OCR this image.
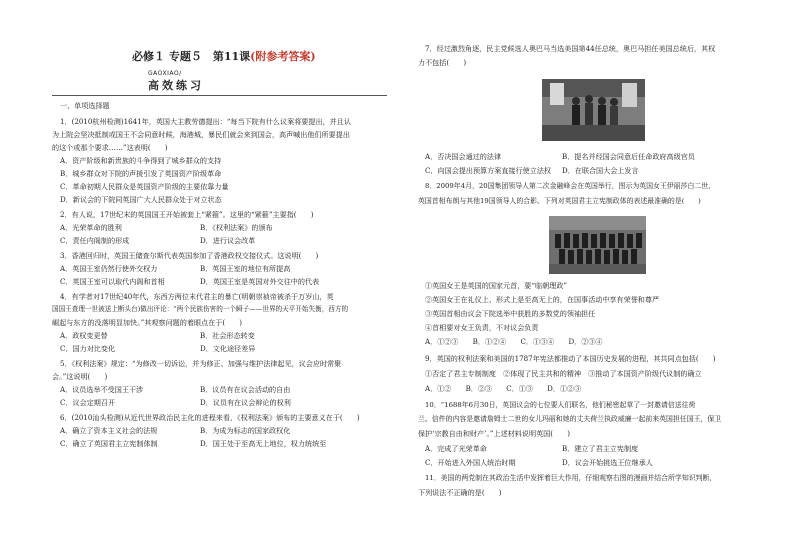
必修１ 专题５　第11课(附参考答案)
GAOXIAO/
高效练习
一、单项选择题
1．(2010杭州检测)1641年，英国大主教劳德提出：“每当下院有什么议案将要提出，并且认
为上院会坚决抵制或国王不会同意时候，海港城，暴民们就会来到国会，高声喊出他们所要提出
的这个或那个要求……”这表明(　　)
A．资产阶级和新贵族的斗争得到了城乡群众的支持
B．城乡群众对下院的声援引发了英国资产阶级革命
C．革命初期人民群众是英国资产阶级的主要依靠力量
D．新议会的下院同英国广大人民群众处于对立状态
2．有人说，17世纪末的英国国王开始被套上“紧箍”。这里的“紧箍”主要指(　　)
A．光荣革命的胜利	B．《权利法案》的颁布
C．责任内阁制的形成	D．进行议会改革
3．香港回归时，英国王储查尔斯代表英国参加了香港政权交接仪式。这说明(　　)
A．英国王室仍然行使外交权力	B．英国王室的地位有所提高
C．英国王室可以取代内阁和首相	D．英国王室是英国对外交往中的代表
4．有学者对17世纪40年代，东西方两位末代君主的暴亡(明朝崇祯帝被杀于万岁山，英
国国王查理一世被送上断头台)做出评论：“两个民族伤害的一个瞬子——世界的天平开始失衡，西方的
崛起与东方的没落明显加快。”其观察问题的着眼点在于(　　)
A．政权变更替	B．社会形态转变
C．国力对比变化	D．文化途径差异
5．《权利法案》规定：“为修改一切诉讼，并为修正、加强与维护法律起见，议会应时常聚
会。”这说明(　　)
A．议员选举不受国王干涉	B．议员有在议会活动的自由
C．议会定期召开	D．议员有在议会辩论的权利
6．(2010汕头检测)从近代世界政治民主化的进程来看，《权利法案》颁布的主要意义在于(　　)
A．确立了资本主义社会的法规	B．为成为标志的国家政权化
C．确立了英国君主立宪制体制	D．国王处于至高无上地位，权力统统至
7．经过激烈角逐，民主党候选人奥巴马当选美国第44任总统，奥巴马担任美国总统后，其权
力不包括(　　)
A．否决国会通过的法律	B．提名并经国会同意后任命政府高级官员
C．向国会提出预算方案直接行使立法权 D．在联合国大会上发言
8．2009年4月，20国集团领导人第二次金融峰会在英国举行，图示为英国女王伊丽莎白二世、
英国首相布朗与其他19国领导人的合影。下列对英国君主立宪制政体的表述最准确的是(　　)
①英国女王是英国的国家元首，要“临朝理政”
②英国女王在礼仪上、形式上是至高无上的，在国事活动中享有荣誉和尊严
③英国首相由议会下院选举中获胜的多数党的领袖担任
④首相要对女王负责，不对议会负责
A．①②③　　B．①②④　　C．①③④　　D．②③④
9．英国的权利法案和美国的1787年宪法都推动了本国历史发展的进程，其共同点包括(　　)
①否定了君主专制制度　②体现了民主共和的精神　③推动了本国资产阶级代议制的确立
A．①②　　B．②③　　C．①③　　D．①②③
10．“1688年6月30日，英国议会的七位要人们联名，他们秘密起草了一封邀请信送往荷
兰。信件的内容是邀请詹姆士二世的女儿玛丽和她的丈夫荷兰执政威廉一起前来英国担任国王，保卫
保护‘宗教自由和财产’。”上述材料说明英国(　　)
A．完成了光荣革命	B．建立了君主立宪制度
C．开始进入外国人统治时期	D．议会开始挑选王位继承人
11．美国的两党制在其政治生活中发挥着巨大作用，仔细观察右图的漫画并结合所学知识判断，
下列说法不正确的是(　　)
